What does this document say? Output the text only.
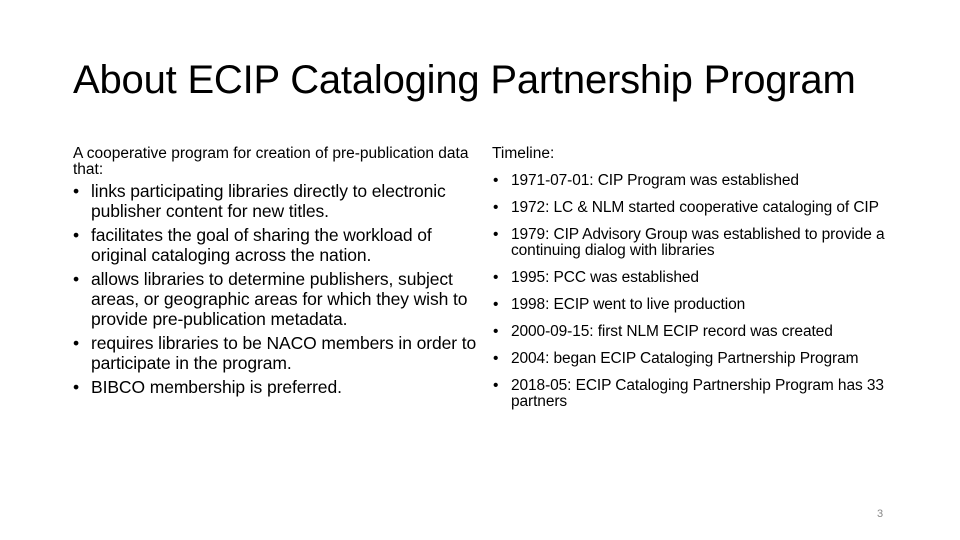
About ECIP Cataloging Partnership Program

A cooperative program for creation of pre-publication data that:

• links participating libraries directly to electronic publisher content for new titles.
• facilitates the goal of sharing the workload of original cataloging across the nation.
• allows libraries to determine publishers, subject areas, or geographic areas for which they wish to provide pre-publication metadata.
• requires libraries to be NACO members in order to participate in the program.
• BIBCO membership is preferred.

Timeline:

• 1971-07-01: CIP Program was established
• 1972: LC & NLM started cooperative cataloging of CIP
• 1979: CIP Advisory Group was established to provide a continuing dialog with libraries
• 1995: PCC was established
• 1998: ECIP went to live production
• 2000-09-15: first NLM ECIP record was created
• 2004: began ECIP Cataloging Partnership Program
• 2018-05: ECIP Cataloging Partnership Program has 33 partners
3
